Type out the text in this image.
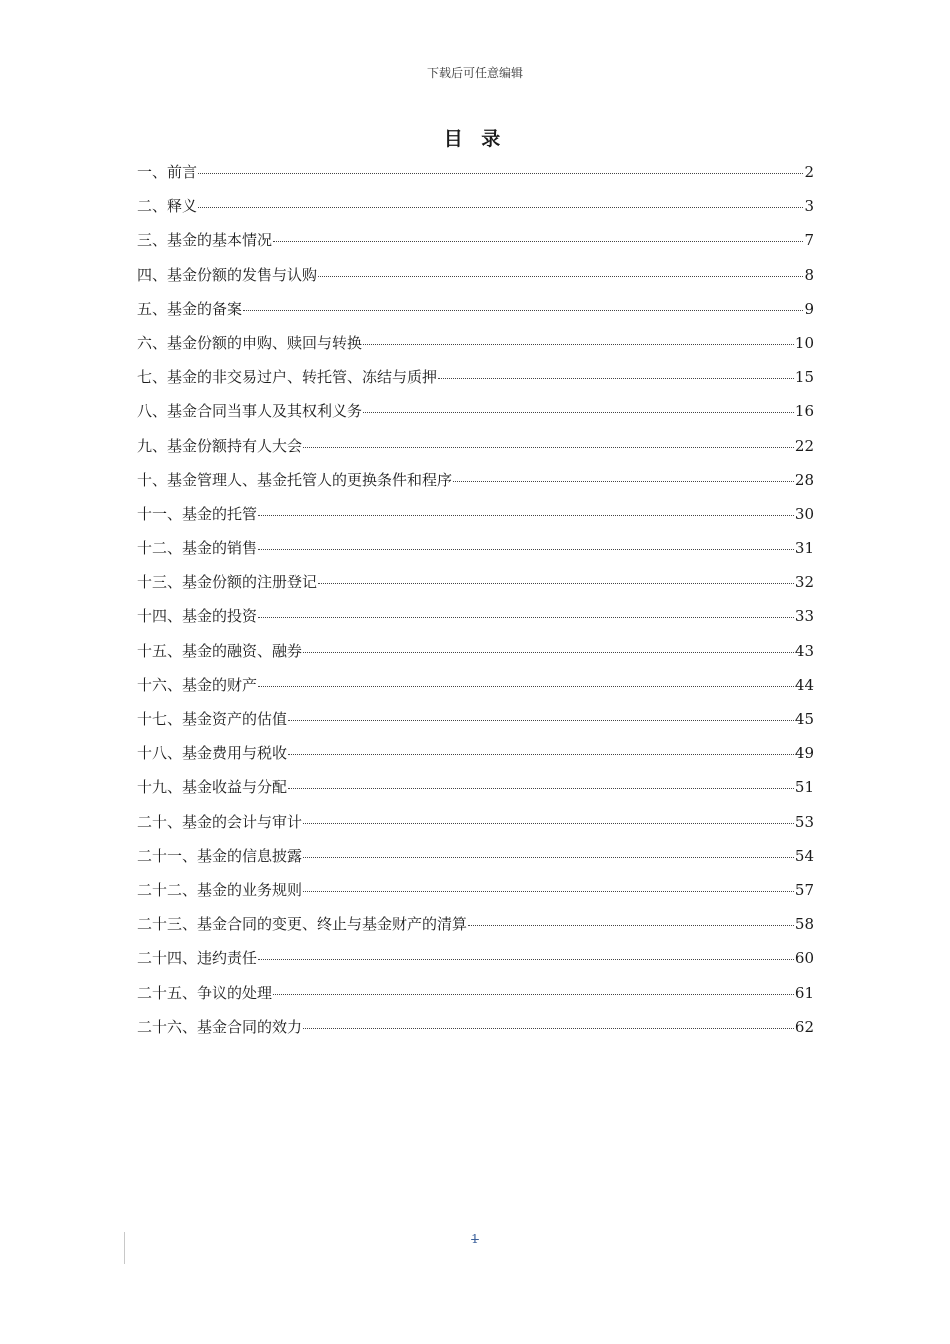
下载后可任意编辑
目 录
一、前言	2
二、释义	3
三、基金的基本情况	7
四、基金份额的发售与认购	8
五、基金的备案	9
六、基金份额的申购、赎回与转换	10
七、基金的非交易过户、转托管、冻结与质押	15
八、基金合同当事人及其权利义务	16
九、基金份额持有人大会	22
十、基金管理人、基金托管人的更换条件和程序	28
十一、基金的托管	30
十二、基金的销售	31
十三、基金份额的注册登记	32
十四、基金的投资	33
十五、基金的融资、融券	43
十六、基金的财产	44
十七、基金资产的估值	45
十八、基金费用与税收	49
十九、基金收益与分配	51
二十、基金的会计与审计	53
二十一、基金的信息披露	54
二十二、基金的业务规则	57
二十三、基金合同的变更、终止与基金财产的清算	58
二十四、违约责任	60
二十五、争议的处理	61
二十六、基金合同的效力	62
1
